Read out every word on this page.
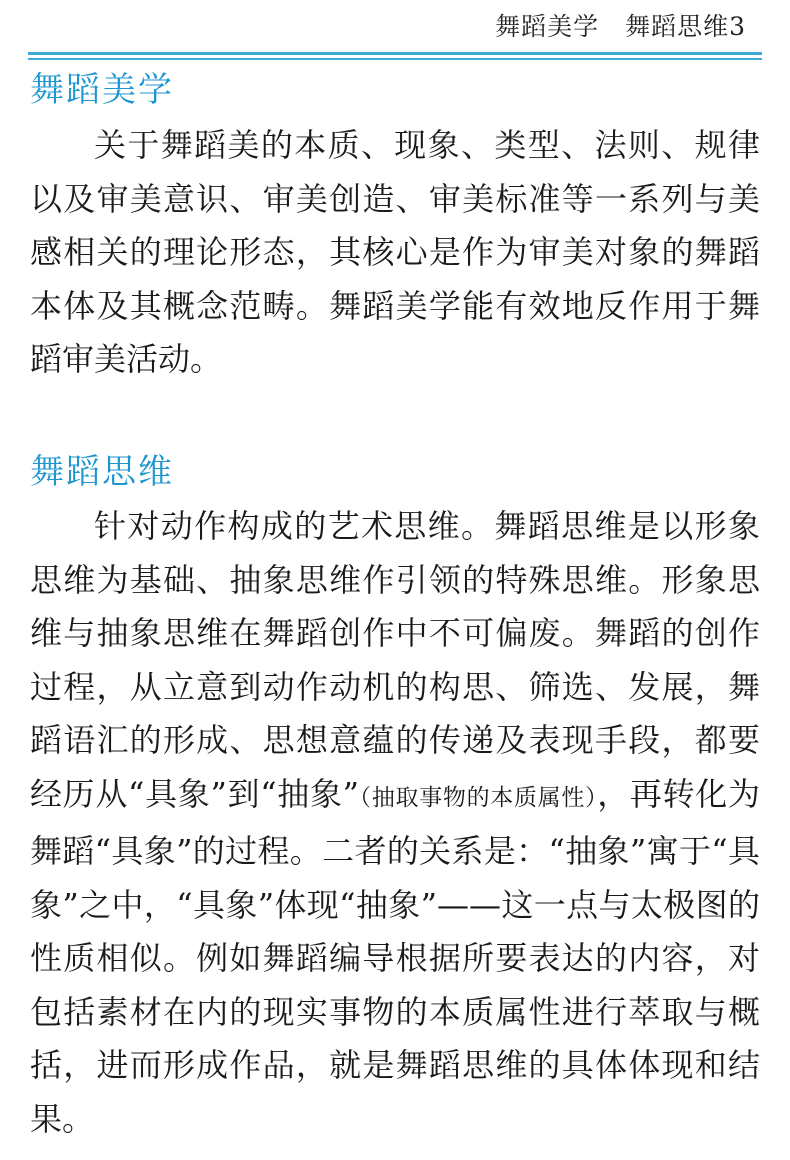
舞蹈美学 舞蹈思维3
舞蹈美学

关于舞蹈美的本质、现象、类型、法则、规律以及审美意识、审美创造、审美标准等一系列与美感相关的理论形态，其核心是作为审美对象的舞蹈本体及其概念范畴。舞蹈美学能有效地反作用于舞蹈审美活动。

舞蹈思维

针对动作构成的艺术思维。舞蹈思维是以形象思维为基础、抽象思维作引领的特殊思维。形象思维与抽象思维在舞蹈创作中不可偏废。舞蹈的创作过程，从立意到动作动机的构思、筛选、发展，舞蹈语汇的形成、思想意蕴的传递及表现手段，都要经历从“具象”到“抽象”（抽取事物的本质属性），再转化为舞蹈“具象”的过程。二者的关系是：“抽象”寓于“具象”之中，“具象”体现“抽象”——这一点与太极图的性质相似。例如舞蹈编导根据所要表达的内容，对包括素材在内的现实事物的本质属性进行萃取与概括，进而形成作品，就是舞蹈思维的具体体现和结果。
